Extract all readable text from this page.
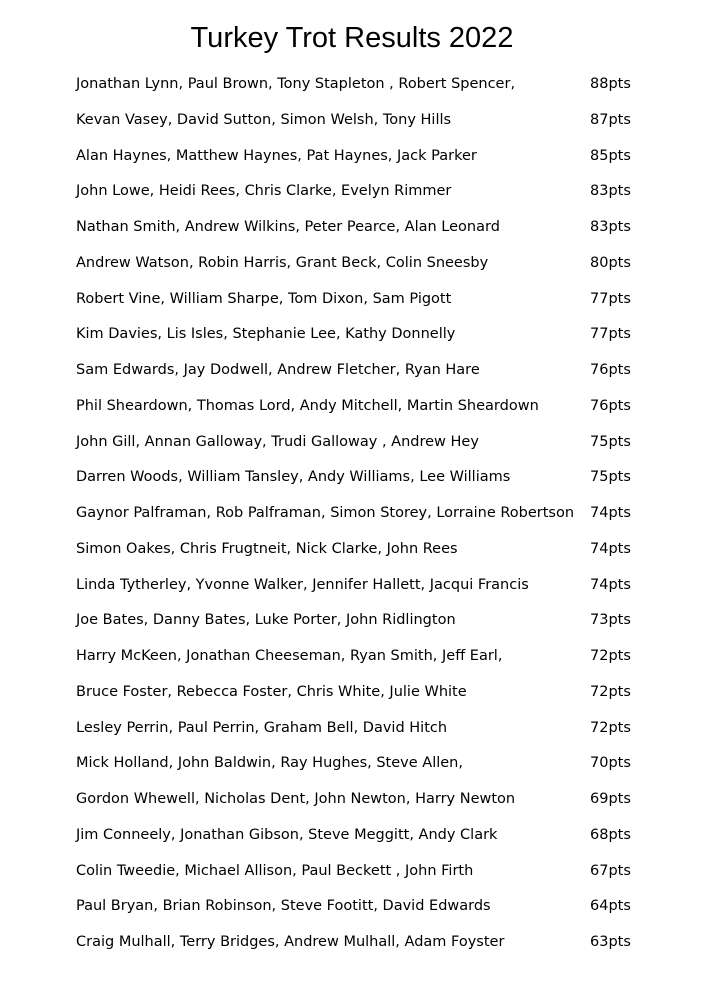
Turkey Trot Results 2022
Jonathan Lynn, Paul Brown, Tony Stapleton , Robert Spencer,	88pts
Kevan Vasey, David Sutton, Simon Welsh, Tony Hills	87pts
Alan Haynes, Matthew Haynes, Pat Haynes, Jack Parker	85pts
John Lowe, Heidi Rees, Chris Clarke, Evelyn Rimmer	83pts
Nathan Smith, Andrew Wilkins, Peter Pearce, Alan Leonard	83pts
Andrew Watson, Robin Harris, Grant Beck, Colin Sneesby	80pts
Robert Vine, William Sharpe, Tom Dixon, Sam Pigott	77pts
Kim Davies, Lis Isles, Stephanie Lee, Kathy Donnelly	77pts
Sam Edwards, Jay Dodwell, Andrew Fletcher, Ryan Hare	76pts
Phil Sheardown, Thomas Lord, Andy Mitchell, Martin Sheardown	76pts
John Gill, Annan Galloway, Trudi Galloway , Andrew Hey	75pts
Darren Woods, William Tansley, Andy Williams, Lee Williams	75pts
Gaynor Palframan, Rob Palframan, Simon Storey, Lorraine Robertson 74pts
Simon Oakes, Chris Frugtneit, Nick Clarke, John Rees	74pts
Linda Tytherley, Yvonne Walker, Jennifer Hallett, Jacqui Francis	74pts
Joe Bates, Danny Bates, Luke Porter, John Ridlington	73pts
Harry McKeen, Jonathan Cheeseman, Ryan Smith, Jeff Earl,	72pts
Bruce Foster, Rebecca Foster, Chris White, Julie White	72pts
Lesley Perrin, Paul Perrin, Graham Bell, David Hitch	72pts
Mick Holland, John Baldwin, Ray Hughes, Steve Allen,	70pts
Gordon Whewell, Nicholas Dent, John Newton, Harry Newton	69pts
Jim Conneely, Jonathan Gibson, Steve Meggitt, Andy Clark	68pts
Colin Tweedie, Michael Allison, Paul Beckett , John Firth	67pts
Paul Bryan, Brian Robinson, Steve Footitt, David Edwards	64pts
Craig Mulhall, Terry Bridges, Andrew Mulhall, Adam Foyster	63pts
